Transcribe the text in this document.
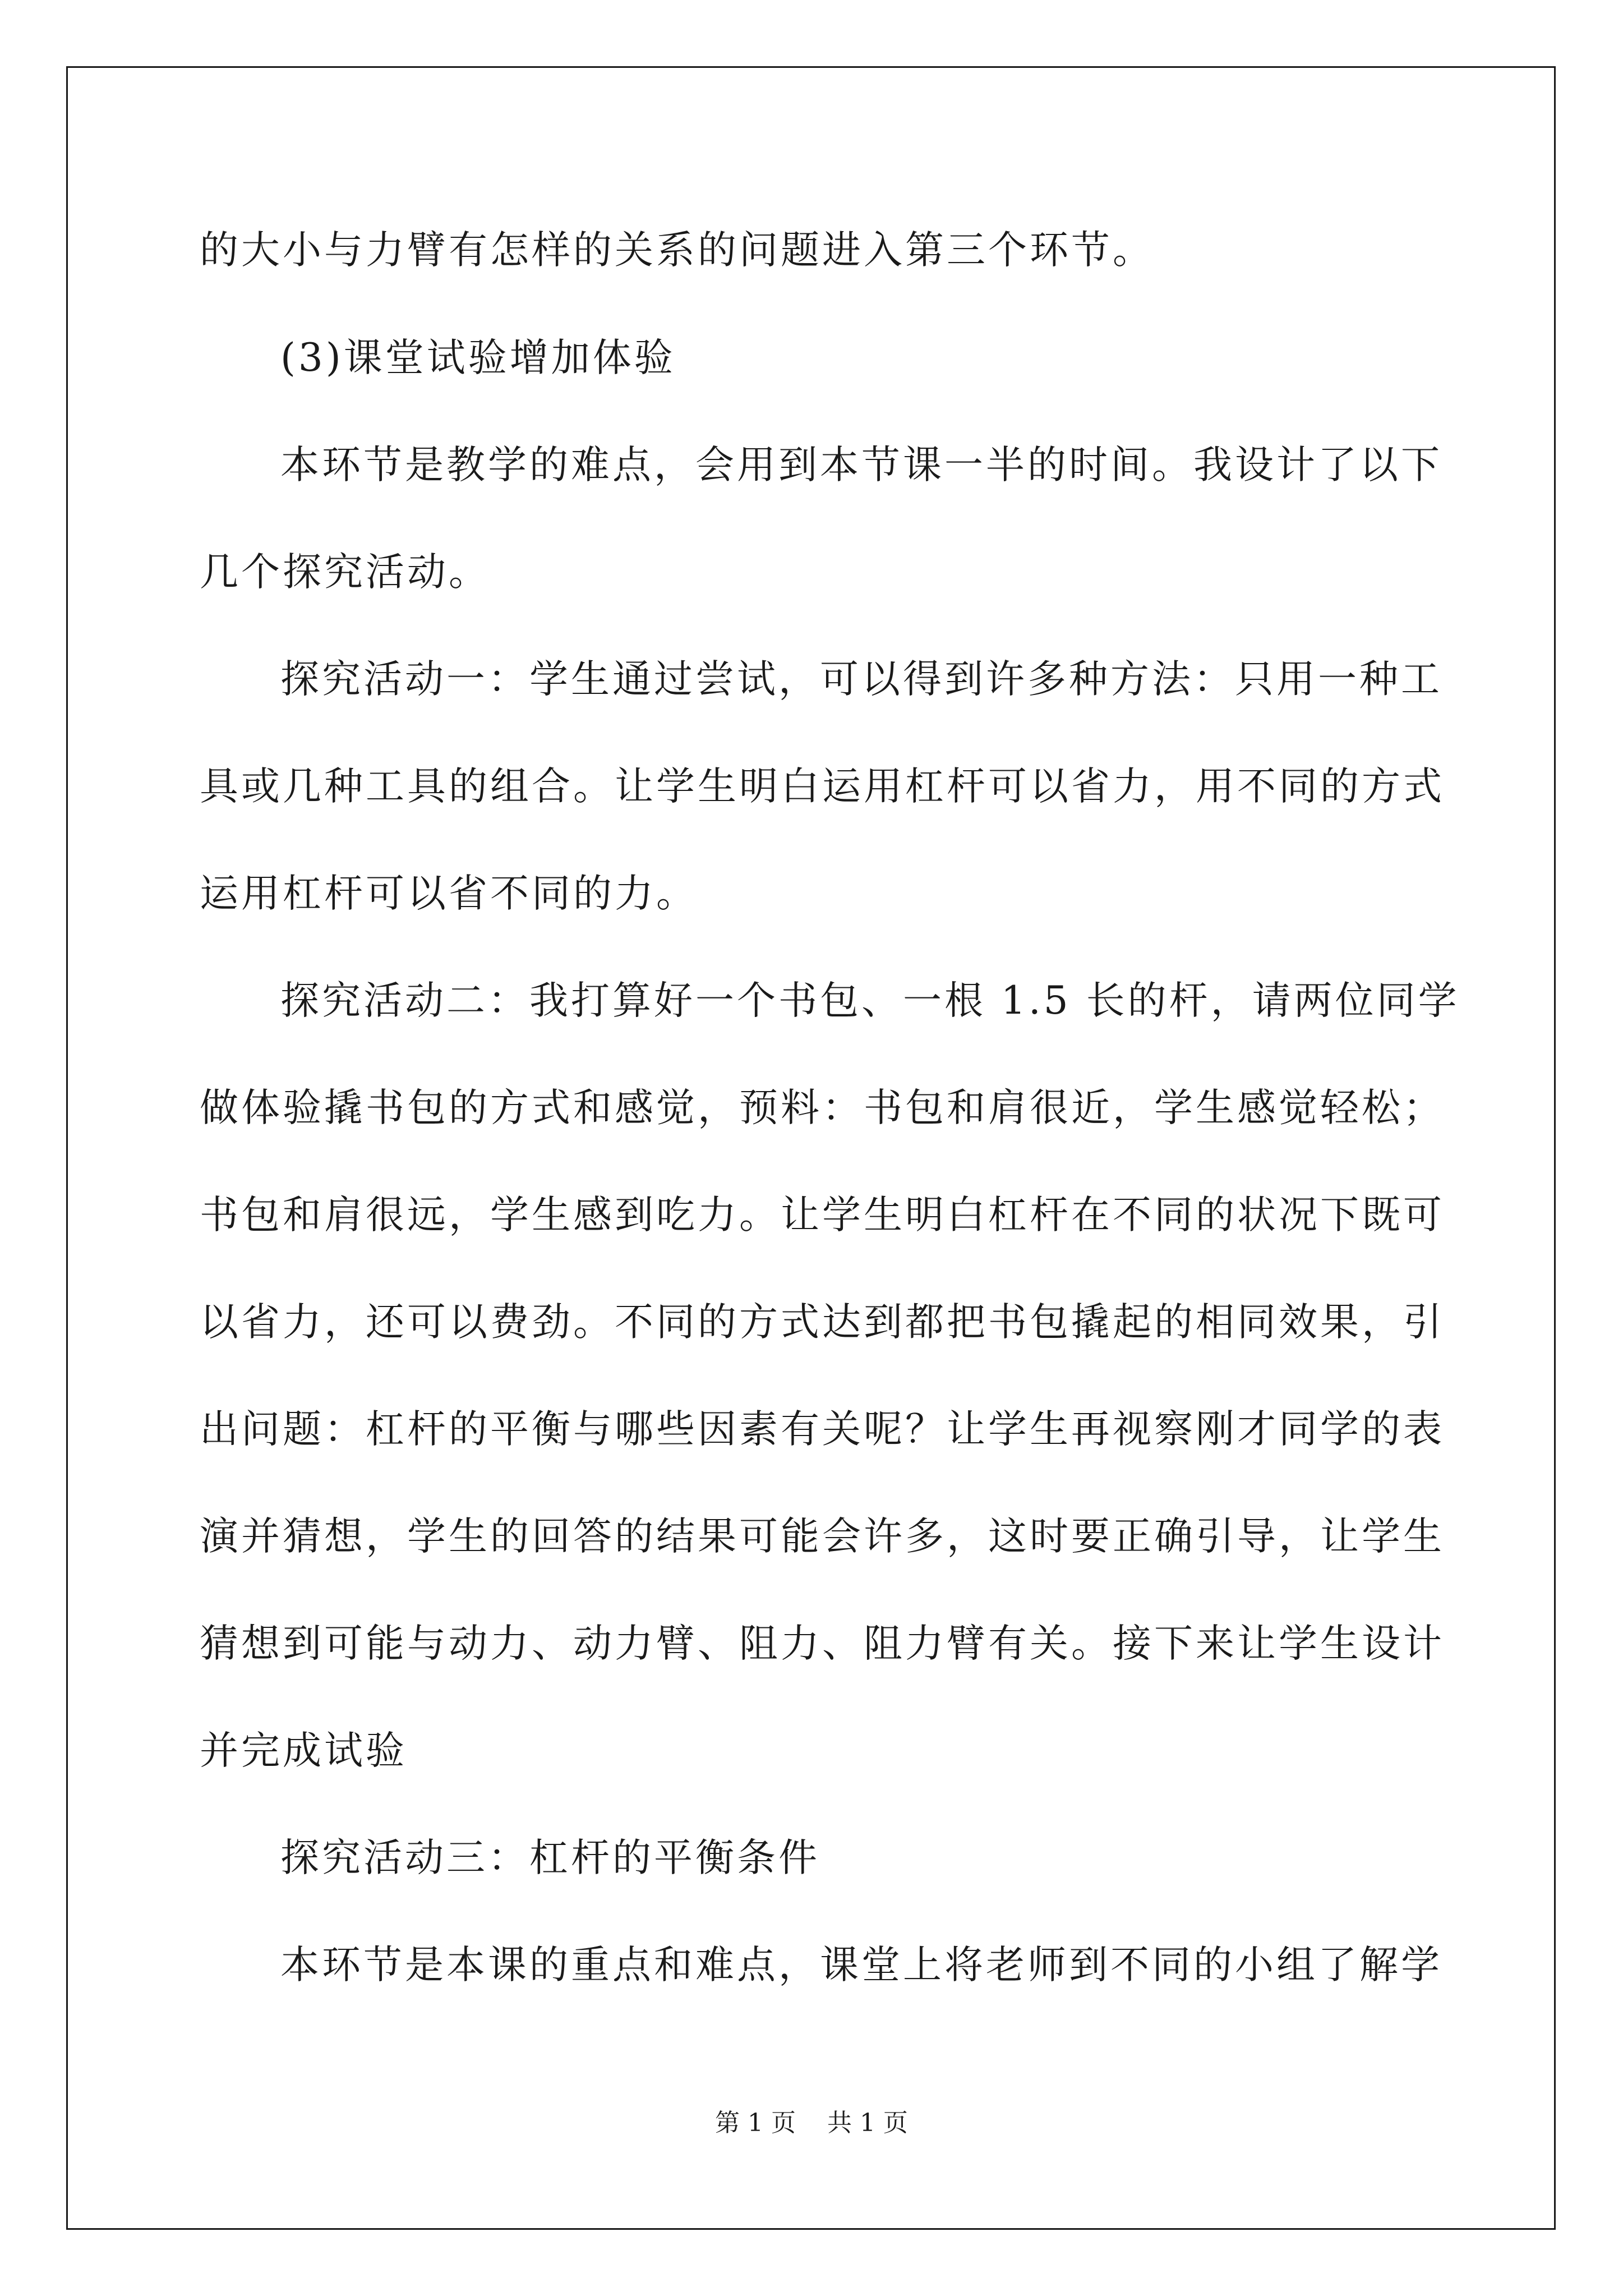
的大小与力臂有怎样的关系的问题进入第三个环节。
(3)课堂试验增加体验
本环节是教学的难点，会用到本节课一半的时间。我设计了以下
几个探究活动。
探究活动一：学生通过尝试，可以得到许多种方法：只用一种工
具或几种工具的组合。让学生明白运用杠杆可以省力，用不同的方式
运用杠杆可以省不同的力。
探究活动二：我打算好一个书包、一根 1.5 长的杆，请两位同学
做体验撬书包的方式和感觉，预料：书包和肩很近，学生感觉轻松；
书包和肩很远，学生感到吃力。让学生明白杠杆在不同的状况下既可
以省力，还可以费劲。不同的方式达到都把书包撬起的相同效果，引
出问题：杠杆的平衡与哪些因素有关呢？让学生再视察刚才同学的表
演并猜想，学生的回答的结果可能会许多，这时要正确引导，让学生
猜想到可能与动力、动力臂、阻力、阻力臂有关。接下来让学生设计
并完成试验
探究活动三：杠杆的平衡条件
本环节是本课的重点和难点，课堂上将老师到不同的小组了解学
第 1 页    共 1 页
